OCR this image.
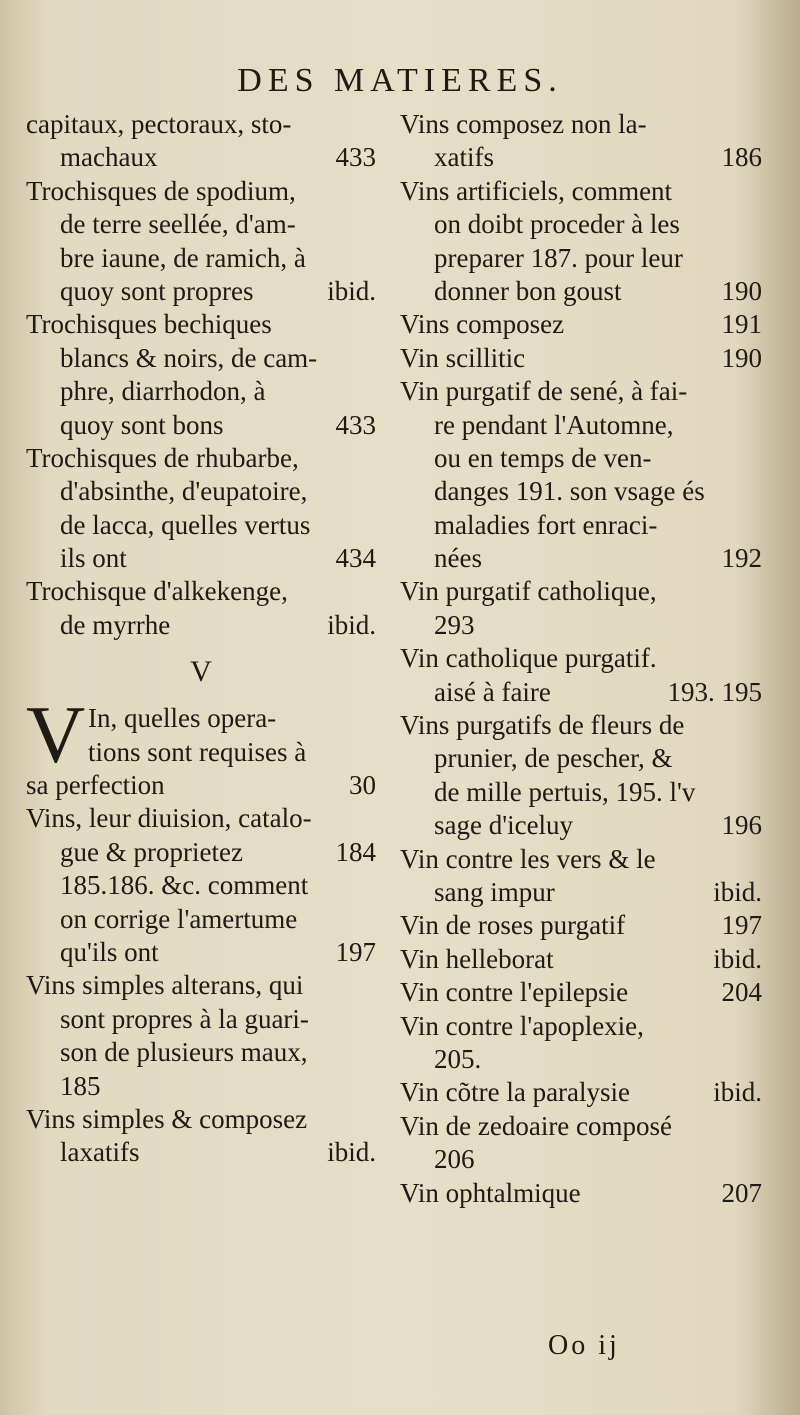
DES MATIERES.
capitaux, pectoraux, sto-
machaux	433
Trochisques de spodium,
de terre seellée, d'am-
bre iaune, de ramich, à
quoy sont propres	ibid.
Trochisques bechiques
blancs & noirs, de cam-
phre, diarrhodon, à
quoy sont bons	433
Trochisques de rhubarbe,
d'absinthe, d'eupatoire,
de lacca, quelles vertus
ils ont	434
Trochisque d'alkekenge,
de myrrhe	ibid.
V
V In, quelles opera-
tions sont requises à
sa perfection	30
Vins, leur diuision, catalo-
gue & proprietez	184
185.186. &c. comment
on corrige l'amertume
qu'ils ont	197
Vins simples alterans, qui
sont propres à la guari-
son de plusieurs maux,
185
Vins simples & composez
laxatifs	ibid.
Vins composez non la-
xatifs	186
Vins artificiels, comment
on doibt proceder à les
preparer 187. pour leur
donner bon goust	190
Vins composez	191
Vin scillitic	190
Vin purgatif de sené, à fai-
re pendant l'Automne,
ou en temps de ven-
danges 191. son vsage és
maladies fort enraci-
nées	192
Vin purgatif catholique,
293
Vin catholique purgatif.
aisé à faire	193. 195
Vins purgatifs de fleurs de
prunier, de pescher, &
de mille pertuis, 195. l'v
sage d'iceluy	196
Vin contre les vers & le
sang impur	ibid.
Vin de roses purgatif	197
Vin helleborat	ibid.
Vin contre l'epilepsie	204
Vin contre l'apoplexie,
205.
Vin cõtre la paralysie	ibid.
Vin de zedoaire composé
206
Vin ophtalmique	207
Oo ij
